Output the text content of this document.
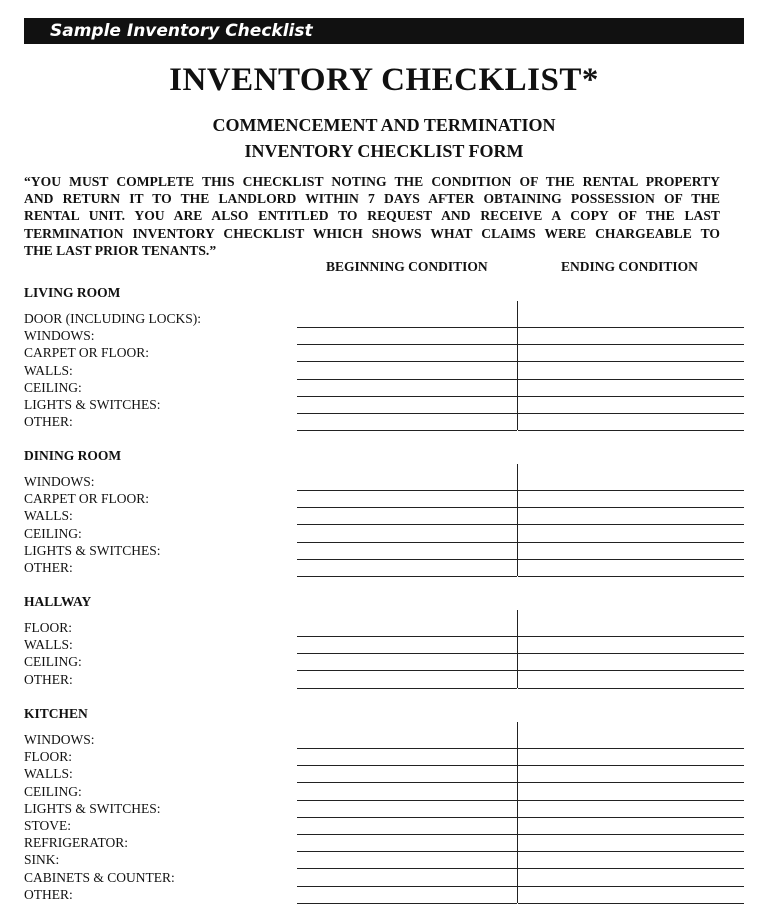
Sample Inventory Checklist
INVENTORY CHECKLIST*
COMMENCEMENT AND TERMINATION
INVENTORY CHECKLIST FORM
“YOU MUST COMPLETE THIS CHECKLIST NOTING THE CONDITION OF THE RENTAL PROPERTY
AND RETURN IT TO THE LANDLORD WITHIN 7 DAYS AFTER OBTAINING POSSESSION OF THE
RENTAL UNIT. YOU ARE ALSO ENTITLED TO REQUEST AND RECEIVE A COPY OF THE LAST
TERMINATION INVENTORY CHECKLIST WHICH SHOWS WHAT CLAIMS WERE CHARGEABLE TO
THE LAST PRIOR TENANTS.”
BEGINNING CONDITION	ENDING CONDITION
LIVING ROOM
DOOR (INCLUDING LOCKS):
WINDOWS:
CARPET OR FLOOR:
WALLS:
CEILING:
LIGHTS & SWITCHES:
OTHER:
DINING ROOM
WINDOWS:
CARPET OR FLOOR:
WALLS:
CEILING:
LIGHTS & SWITCHES:
OTHER:
HALLWAY
FLOOR:
WALLS:
CEILING:
OTHER:
KITCHEN
WINDOWS:
FLOOR:
WALLS:
CEILING:
LIGHTS & SWITCHES:
STOVE:
REFRIGERATOR:
SINK:
CABINETS & COUNTER:
OTHER:
